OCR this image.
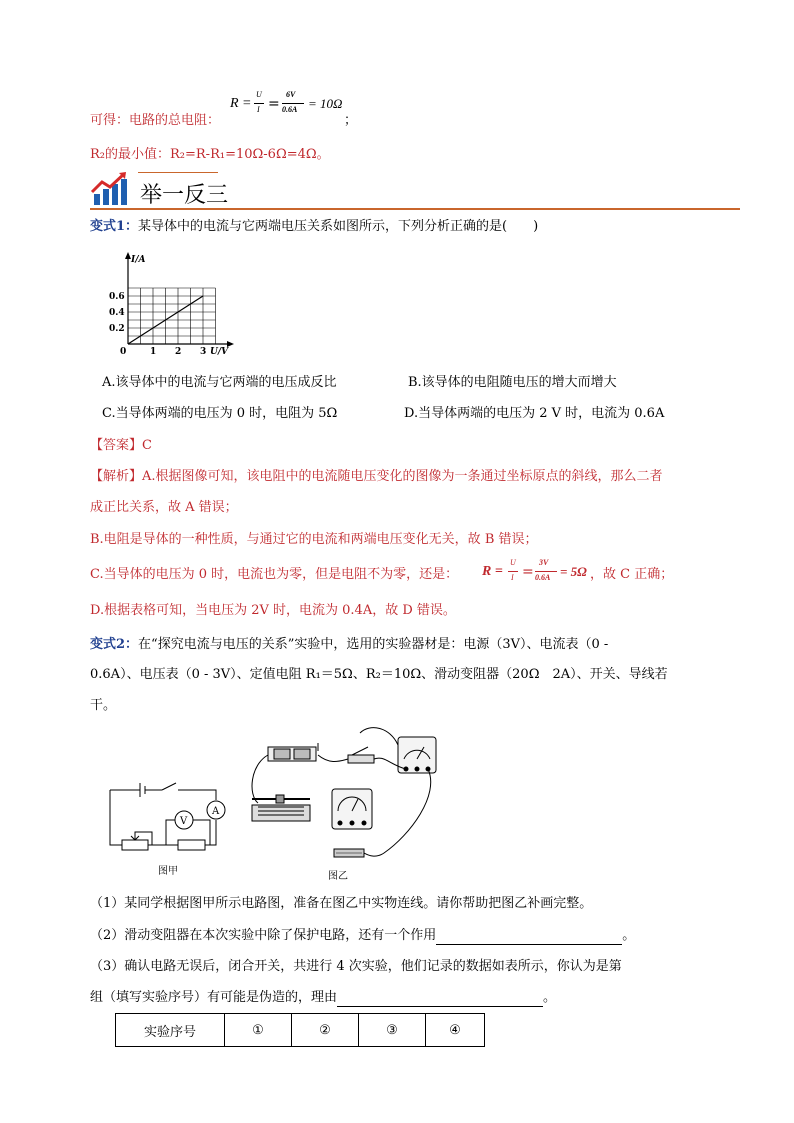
可得：电路的总电阻：
R =
U
I =
6V
0.6A = 10Ω
；
R₂的最小值：R₂=R-R₁=10Ω-6Ω=4Ω。
举一反三
变式1：某导体中的电流与它两端电压关系如图所示，下列分析正确的是(　　)
I/A
U/V
0	1 2 3
0.2
0.4
0.6
A.该导体中的电流与它两端的电压成反比	B.该导体的电阻随电压的增大而增大
C.当导体两端的电压为 0 时，电阻为 5Ω	D.当导体两端的电压为 2 V 时，电流为 0.6A
【答案】C
【解析】A.根据图像可知，该电阻中的电流随电压变化的图像为一条通过坐标原点的斜线，那么二者
成正比关系，故 A 错误；
B.电阻是导体的一种性质，与通过它的电流和两端电压变化无关，故 B 错误；
C.当导体的电压为 0 时，电流也为零，但是电阻不为零，还是： R =
U
I =
3V
0.6A = 5Ω ，故 C 正确；
D.根据表格可知，当电压为 2V 时，电流为 0.4A，故 D 错误。
变式2：在“探究电流与电压的关系”实验中，选用的实验器材是：电源（3V）、电流表（0 -
0.6A）、电压表（0 - 3V）、定值电阻 R₁＝5Ω、R₂＝10Ω、滑动变阻器（20Ω　2A）、开关、导线若
干。
A
V
图甲	图乙
（1）某同学根据图甲所示电路图，准备在图乙中实物连线。请你帮助把图乙补画完整。
（2）滑动变阻器在本次实验中除了保护电路，还有一个作用	。
（3）确认电路无误后，闭合开关，共进行 4 次实验，他们记录的数据如表所示，你认为是第
组（填写实验序号）有可能是伪造的，理由	。
实验序号	①	②	③	④
